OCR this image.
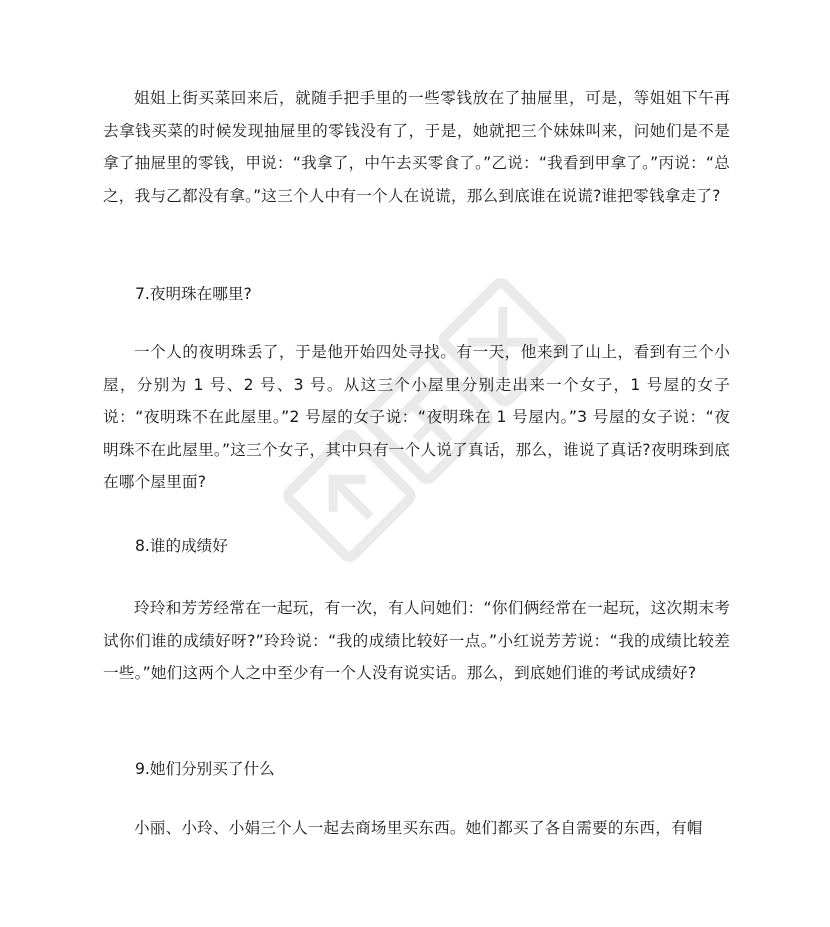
姐姐上街买菜回来后，就随手把手里的一些零钱放在了抽屉里，可是，等姐姐下午再去拿钱买菜的时候发现抽屉里的零钱没有了，于是，她就把三个妹妹叫来，问她们是不是拿了抽屉里的零钱，甲说：“我拿了，中午去买零食了。”乙说：“我看到甲拿了。”丙说：“总之，我与乙都没有拿。”这三个人中有一个人在说谎，那么到底谁在说谎?谁把零钱拿走了?

7.夜明珠在哪里?

一个人的夜明珠丢了，于是他开始四处寻找。有一天，他来到了山上，看到有三个小屋，分别为 1 号、2 号、3 号。从这三个小屋里分别走出来一个女子，1 号屋的女子说：“夜明珠不在此屋里。”2 号屋的女子说：“夜明珠在 1 号屋内。”3 号屋的女子说：“夜明珠不在此屋里。”这三个女子，其中只有一个人说了真话，那么，谁说了真话?夜明珠到底在哪个屋里面?

8.谁的成绩好

玲玲和芳芳经常在一起玩，有一次，有人问她们：“你们俩经常在一起玩，这次期末考试你们谁的成绩好呀?”玲玲说：“我的成绩比较好一点。”小红说芳芳说：“我的成绩比较差一些。”她们这两个人之中至少有一个人没有说实话。那么，到底她们谁的考试成绩好?

9.她们分别买了什么

小丽、小玲、小娟三个人一起去商场里买东西。她们都买了各自需要的东西，有帽
